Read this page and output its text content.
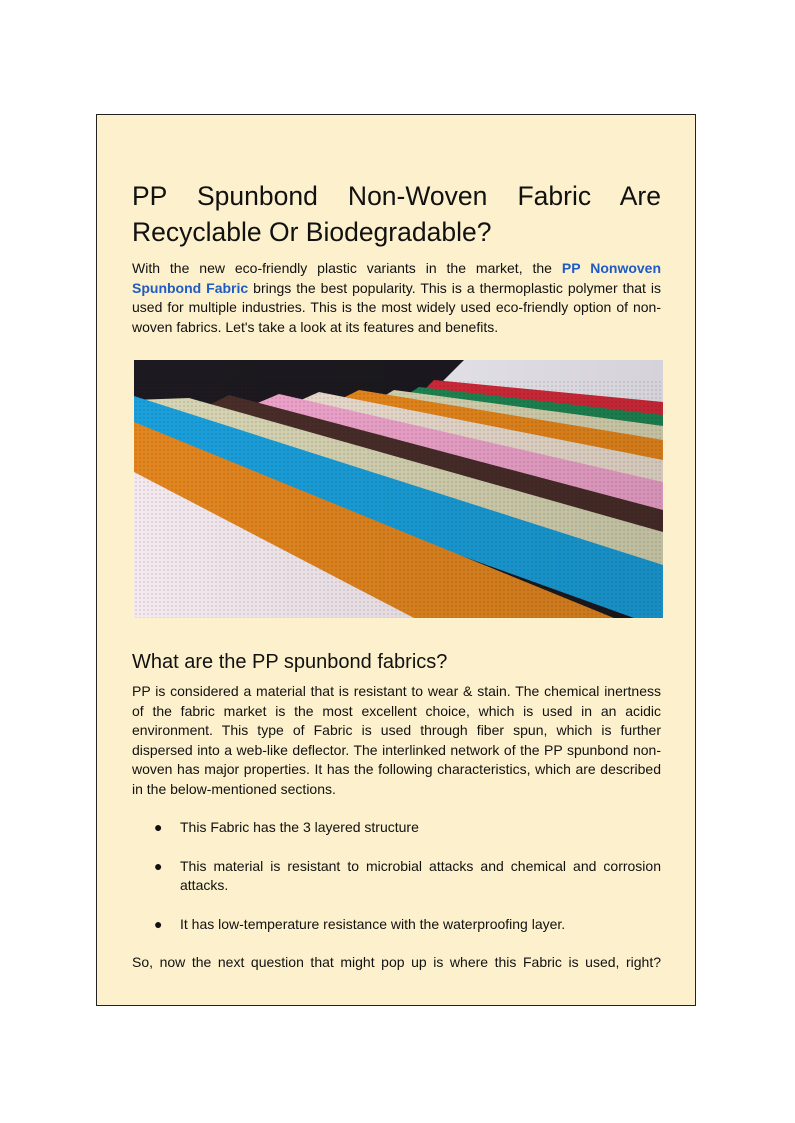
PP Spunbond Non-Woven Fabric Are
Recyclable Or Biodegradable?

With the new eco-friendly plastic variants in the market, the PP Nonwoven Spunbond Fabric brings the best popularity. This is a thermoplastic polymer that is used for multiple industries. This is the most widely used eco-friendly option of non-woven fabrics. Let's take a look at its features and benefits.

What are the PP spunbond fabrics?

PP is considered a material that is resistant to wear & stain. The chemical inertness of the fabric market is the most excellent choice, which is used in an acidic environment. This type of Fabric is used through fiber spun, which is further dispersed into a web-like deflector. The interlinked network of the PP spunbond non-woven has major properties. It has the following characteristics, which are described in the below-mentioned sections.

● This Fabric has the 3 layered structure
● This material is resistant to microbial attacks and chemical and corrosion attacks.
● It has low-temperature resistance with the waterproofing layer.

So, now the next question that might pop up is where this Fabric is used, right?
